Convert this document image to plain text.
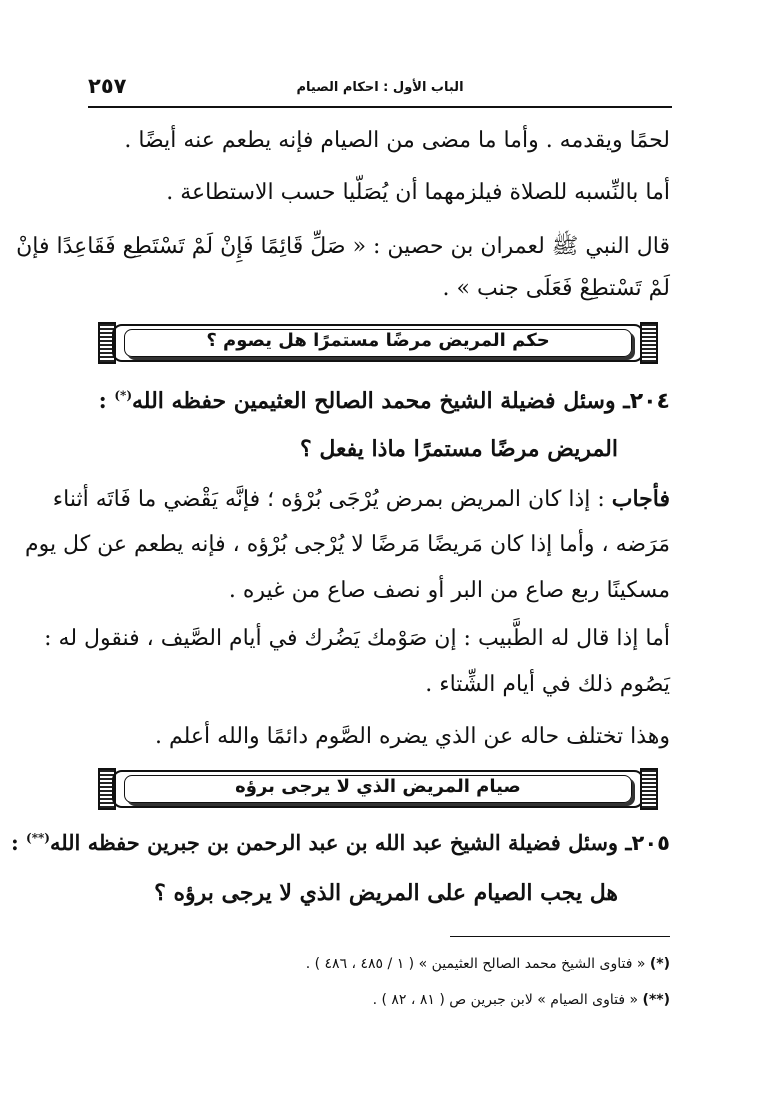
٢٥٧	الباب الأول : احكام الصيام
لحمًا ويقدمه . وأما ما مضى من الصيام فإنه يطعم عنه أيضًا .
أما بالنِّسبه للصلاة فيلزمهما أن يُصَلّيا حسب الاستطاعة .
قال النبي ﷺ لعمران بن حصين : « صَلِّ قَائِمًا فَإِنْ لَمْ تَسْتَطِع فَقَاعِدًا فإنْ
لَمْ تَسْتطِعْ فَعَلَى جنب » .
حكم المريض مرضًا مستمرًا هل يصوم ؟
٢٠٤ـ وسئل فضيلة الشيخ محمد الصالح العثيمين حفظه الله(*) :
المريض مرضًا مستمرًا ماذا يفعل ؟
فأجاب : إذا كان المريض بمرض يُرْجَى بُرْؤه ؛ فإنَّه يَقْضي ما فَاتَه أثناء
مَرَضه ، وأما إذا كان مَريضًا مَرضًا لا يُرْجى بُرْؤه ، فإنه يطعم عن كل يوم
مسكينًا ربع صاع من البر أو نصف صاع من غيره .
أما إذا قال له الطَّبيب : إن صَوْمك يَضُرك في أيام الصَّيف ، فنقول له :
يَصُوم ذلك في أيام الشِّتاء .
وهذا تختلف حاله عن الذي يضره الصَّوم دائمًا والله أعلم .
صيام المريض الذي لا يرجى برؤه
٢٠٥ـ وسئل فضيلة الشيخ عبد الله بن عبد الرحمن بن جبرين حفظه الله(**) :
هل يجب الصيام على المريض الذي لا يرجى برؤه ؟
(*) « فتاوى الشيخ محمد الصالح العثيمين » ( ١ / ٤٨٥ ، ٤٨٦ ) .
(**) « فتاوى الصيام » لابن جبرين ص ( ٨١ ، ٨٢ ) .
